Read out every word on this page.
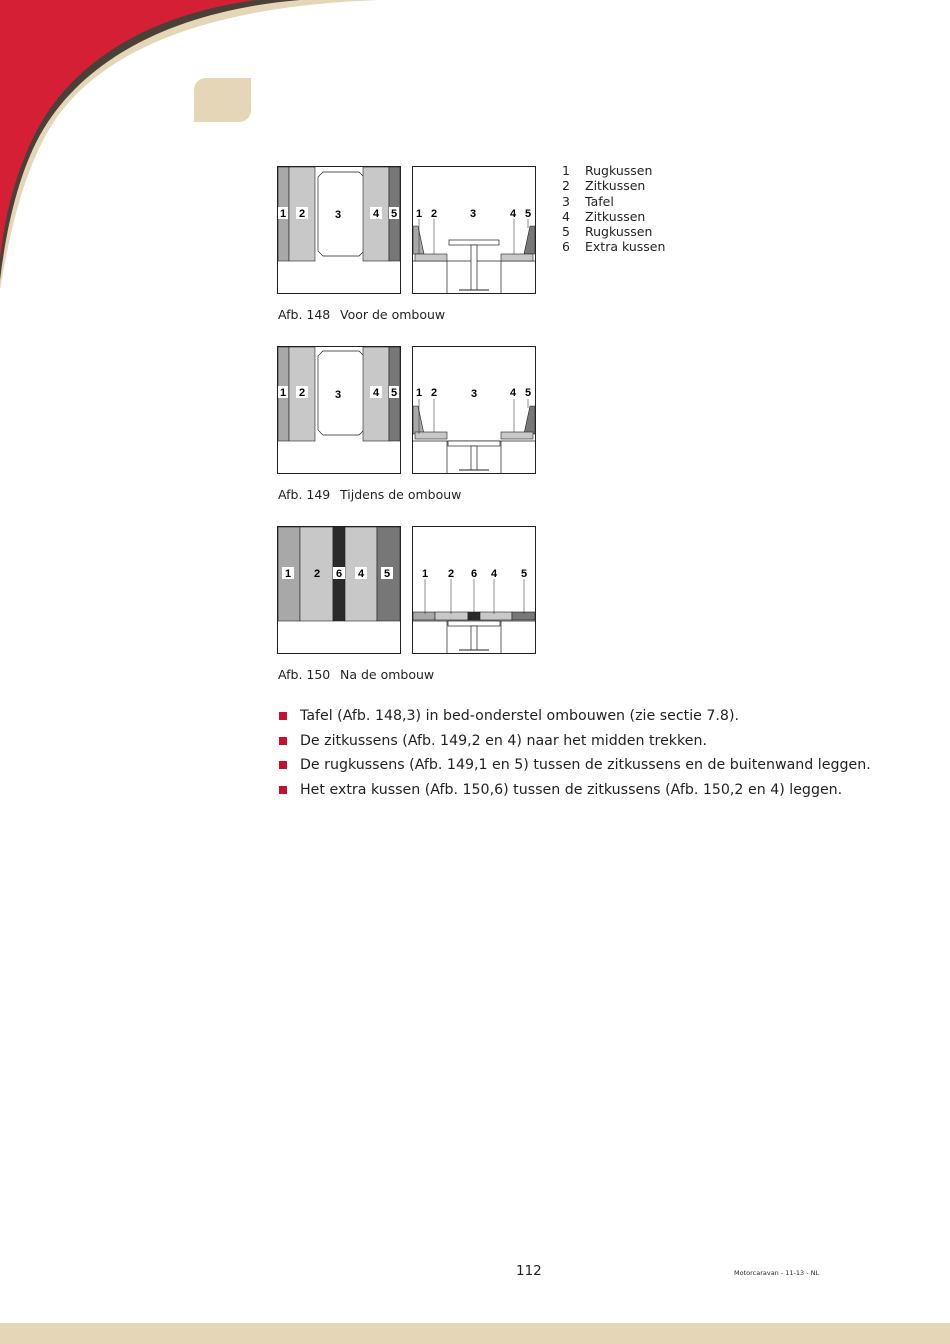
1 2	3	4 5 1 2	3	4 5
1	Rugkussen
2	Zitkussen
3	Tafel
4	Zitkussen
5	Rugkussen
6	Extra kussen
Afb. 148 Voor de ombouw
1 2	3	4 5 1 2	3	4 5
Afb. 149 Tijdens de ombouw
1 2 6 4 5	1 2 6 4 5
Afb. 150 Na de ombouw
Tafel (Afb. 148,3) in bed-onderstel ombouwen (zie sectie 7.8).
De zitkussens (Afb. 149,2 en 4) naar het midden trekken.
De rugkussens (Afb. 149,1 en 5) tussen de zitkussens en de buitenwand leggen.
Het extra kussen (Afb. 150,6) tussen de zitkussens (Afb. 150,2 en 4) leggen.
112	Motorcaravan - 11-13 - NL
